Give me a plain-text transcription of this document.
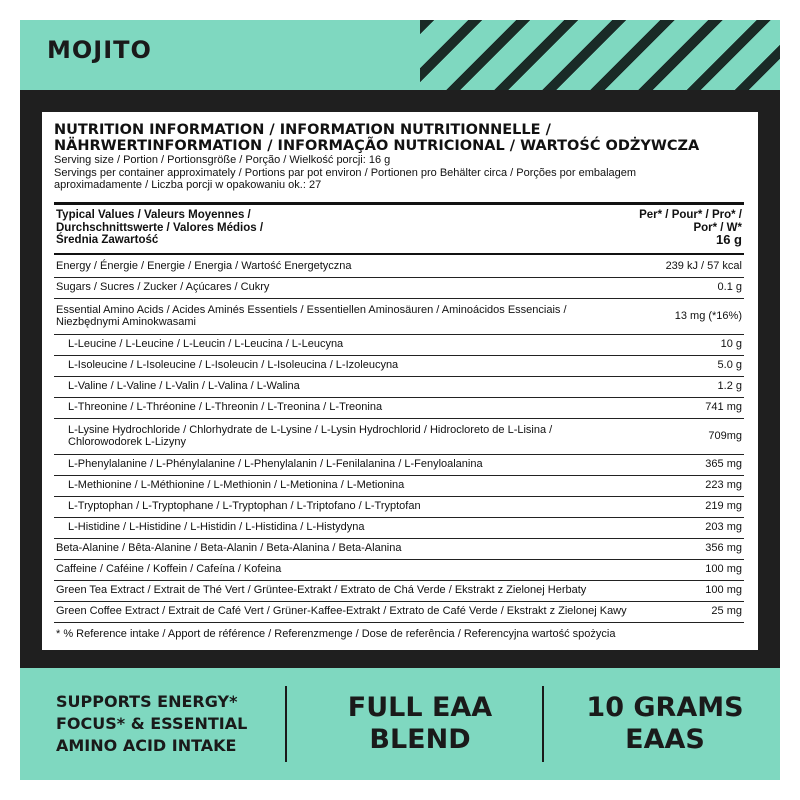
MOJITO
NUTRITION INFORMATION / INFORMATION NUTRITIONNELLE /
NÄHRWERTINFORMATION / INFORMAÇÃO NUTRICIONAL / WARTOŚĆ ODŻYWCZA
Serving size / Portion / Portionsgröße / Porção / Wielkość porcji: 16 g
Servings per container approximately / Portions par pot environ / Portionen pro Behälter circa / Porções por embalagem
aproximadamente / Liczba porcji w opakowaniu ok.: 27
Typical Values / Valeurs Moyennes /
Durchschnittswerte / Valores Médios /
Średnia Zawartość
Per* / Pour* / Pro* /
Por* / W*
16 g
Energy / Énergie / Energie / Energia / Wartość Energetyczna	239 kJ / 57 kcal
Sugars / Sucres / Zucker / Açúcares / Cukry	0.1 g
Essential Amino Acids / Acides Aminés Essentiels / Essentiellen Aminosäuren / Aminoácidos Essenciais / Niezbędnymi Aminokwasami	13 mg (*16%)
L-Leucine / L-Leucine / L-Leucin / L-Leucina / L-Leucyna	10 g
L-Isoleucine / L-Isoleucine / L-Isoleucin / L-Isoleucina / L-Izoleucyna	5.0 g
L-Valine / L-Valine / L-Valin / L-Valina / L-Walina	1.2 g
L-Threonine / L-Thréonine / L-Threonin / L-Treonina / L-Treonina	741 mg
L-Lysine Hydrochloride / Chlorhydrate de L-Lysine / L-Lysin Hydrochlorid / Hidrocloreto de L-Lisina / Chlorowodorek L-Lizyny	709mg
L-Phenylalanine / L-Phénylalanine / L-Phenylalanin / L-Fenilalanina / L-Fenyloalanina	365 mg
L-Methionine / L-Méthionine / L-Methionin / L-Metionina / L-Metionina	223 mg
L-Tryptophan / L-Tryptophane / L-Tryptophan / L-Triptofano / L-Tryptofan	219 mg
L-Histidine / L-Histidine / L-Histidin / L-Histidina / L-Histydyna	203 mg
Beta-Alanine / Bêta-Alanine / Beta-Alanin / Beta-Alanina / Beta-Alanina	356 mg
Caffeine / Caféine / Koffein / Cafeína / Kofeina	100 mg
Green Tea Extract / Extrait de Thé Vert / Grüntee-Extrakt / Extrato de Chá Verde / Ekstrakt z Zielonej Herbaty	100 mg
Green Coffee Extract / Extrait de Café Vert / Grüner-Kaffee-Extrakt / Extrato de Café Verde / Ekstrakt z Zielonej Kawy	25 mg
* % Reference intake / Apport de référence / Referenzmenge / Dose de referência / Referencyjna wartość spożycia	
SUPPORTS ENERGY*
FOCUS* & ESSENTIAL
AMINO ACID INTAKE
FULL EAA
BLEND
10 GRAMS
EAAS
